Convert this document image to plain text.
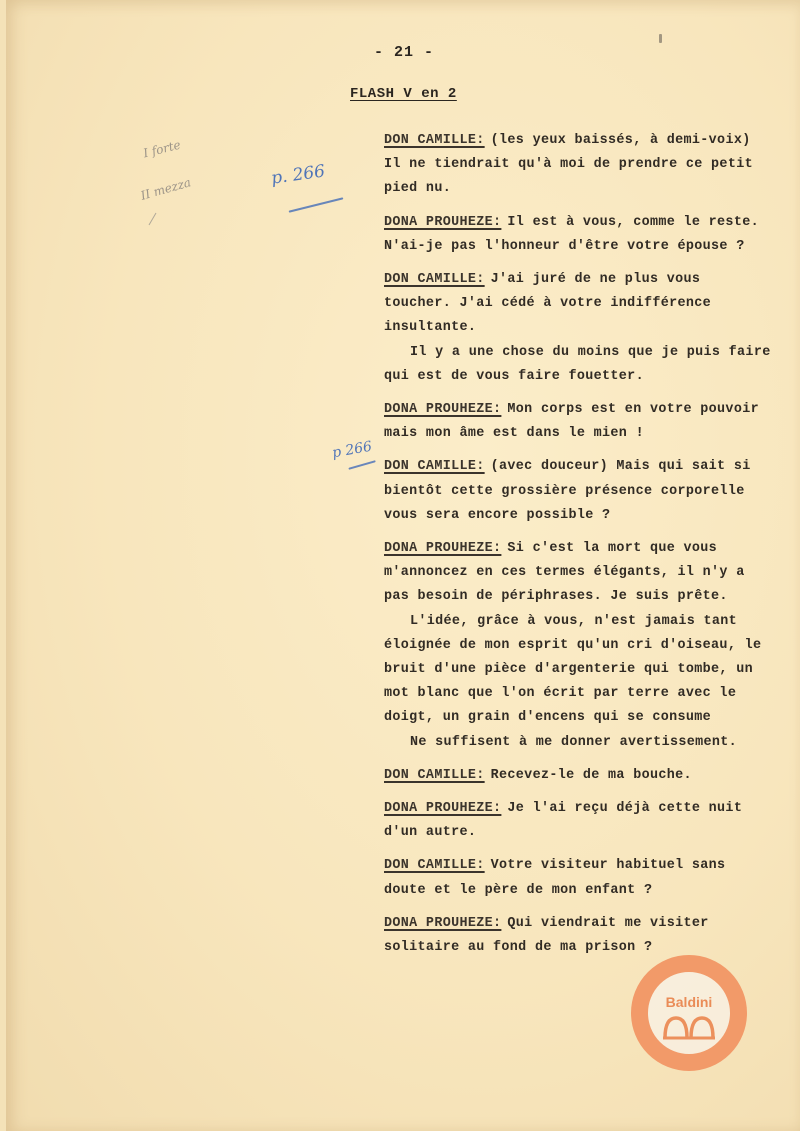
- 21 -
FLASH V en 2
I forte
II mezza
p. 266
p 266
DON CAMILLE: (les yeux baissés, à demi-voix) Il ne tiendrait qu'à moi de prendre ce petit pied nu.
DONA PROUHEZE: Il est à vous, comme le reste. N'ai-je pas l'honneur d'être votre épouse ?
DON CAMILLE: J'ai juré de ne plus vous toucher. J'ai cédé à votre indifférence insultante.
Il y a une chose du moins que je puis faire qui est de vous faire fouetter.
DONA PROUHEZE: Mon corps est en votre pouvoir mais mon âme est dans le mien !
DON CAMILLE: (avec douceur) Mais qui sait si bientôt cette grossière présence corporelle vous sera encore possible ?
DONA PROUHEZE: Si c'est la mort que vous m'annoncez en ces termes élégants, il n'y a pas besoin de périphrases. Je suis prête.
L'idée, grâce à vous, n'est jamais tant éloignée de mon esprit qu'un cri d'oiseau, le bruit d'une pièce d'argenterie qui tombe, un mot blanc que l'on écrit par terre avec le doigt, un grain d'encens qui se consume
Ne suffisent à me donner avertissement.
DON CAMILLE: Recevez-le de ma bouche.
DONA PROUHEZE: Je l'ai reçu déjà cette nuit d'un autre.
DON CAMILLE: Votre visiteur habituel sans doute et le père de mon enfant ?
DONA PROUHEZE: Qui viendrait me visiter solitaire au fond de ma prison ?
Baldini
